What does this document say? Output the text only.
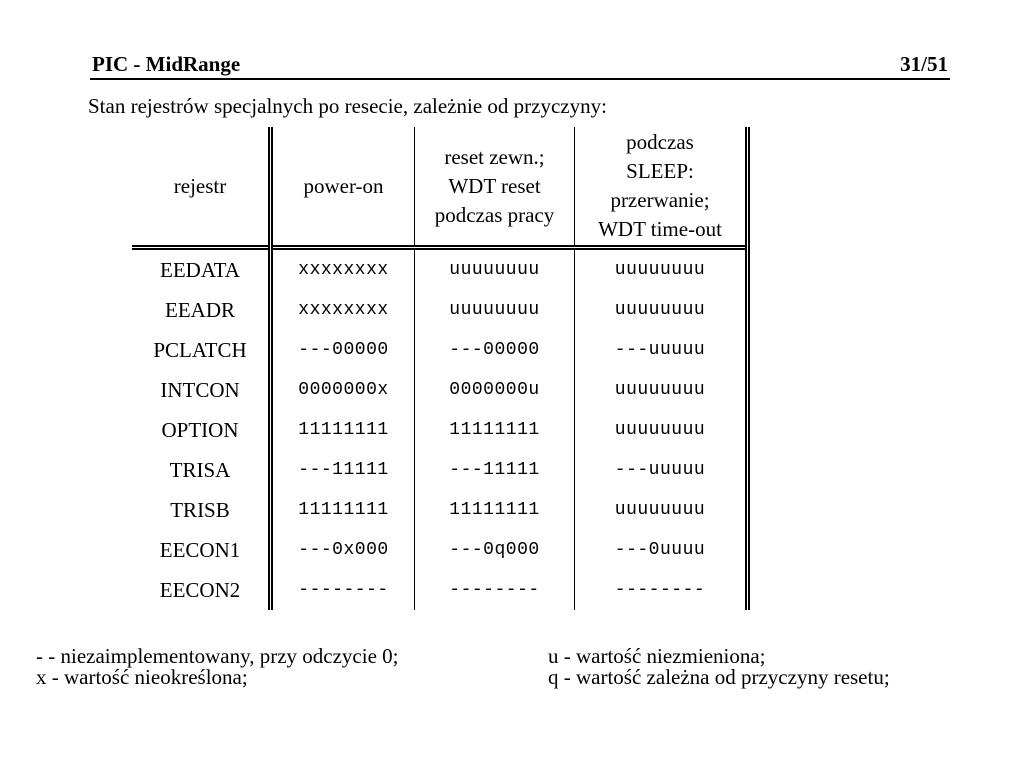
PIC - MidRange	31/51
Stan rejestrów specjalnych po resecie, zależnie od przyczyny:
rejestr	power-on	reset zewn.;
WDT reset
podczas pracy	podczas
SLEEP:
przerwanie;
WDT time-out
EEDATA	xxxxxxxx	uuuuuuuu	uuuuuuuu
EEADR	xxxxxxxx	uuuuuuuu	uuuuuuuu
PCLATCH	---00000	---00000	---uuuuu
INTCON	0000000x	0000000u	uuuuuuuu
OPTION	11111111	11111111	uuuuuuuu
TRISA	---11111	---11111	---uuuuu
TRISB	11111111	11111111	uuuuuuuu
EECON1	---0x000	---0q000	---0uuuu
EECON2	--------	--------	--------
- - niezaimplementowany, przy odczycie 0;
x - wartość nieokreślona;
u - wartość niezmieniona;
q - wartość zależna od przyczyny resetu;
